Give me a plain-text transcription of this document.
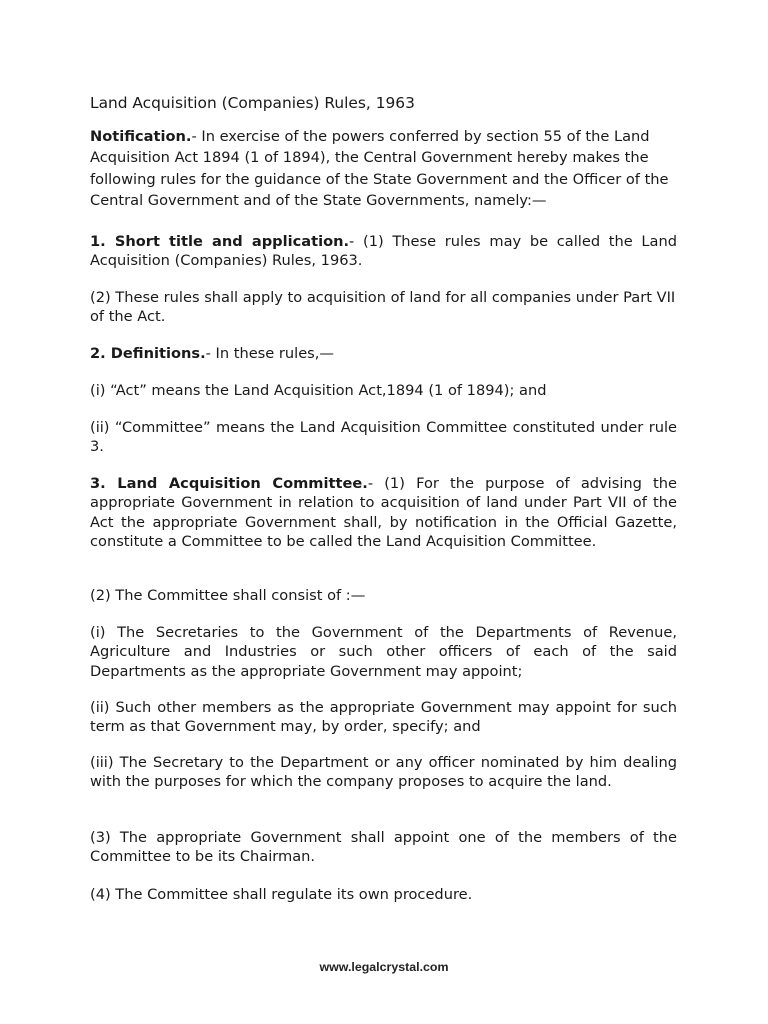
Land Acquisition (Companies) Rules, 1963

Notification.- In exercise of the powers conferred by section 55 of the Land Acquisition Act 1894 (1 of 1894), the Central Government hereby makes the following rules for the guidance of the State Government and the Officer of the Central Government and of the State Governments, namely:—

1. Short title and application.- (1) These rules may be called the Land Acquisition (Companies) Rules, 1963.

(2) These rules shall apply to acquisition of land for all companies under Part VII of the Act.

2. Definitions.- In these rules,—

(i) “Act” means the Land Acquisition Act,1894 (1 of 1894); and

(ii) “Committee” means the Land Acquisition Committee constituted under rule 3.

3. Land Acquisition Committee.- (1) For the purpose of advising the appropriate Government in relation to acquisition of land under Part VII of the Act the appropriate Government shall, by notification in the Official Gazette, constitute a Committee to be called the Land Acquisition Committee.

(2) The Committee shall consist of :—

(i) The Secretaries to the Government of the Departments of Revenue, Agriculture and Industries or such other officers of each of the said Departments as the appropriate Government may appoint;

(ii) Such other members as the appropriate Government may appoint for such term as that Government may, by order, specify; and

(iii) The Secretary to the Department or any officer nominated by him dealing with the purposes for which the company proposes to acquire the land.

(3) The appropriate Government shall appoint one of the members of the Committee to be its Chairman.

(4) The Committee shall regulate its own procedure.

www.legalcrystal.com
